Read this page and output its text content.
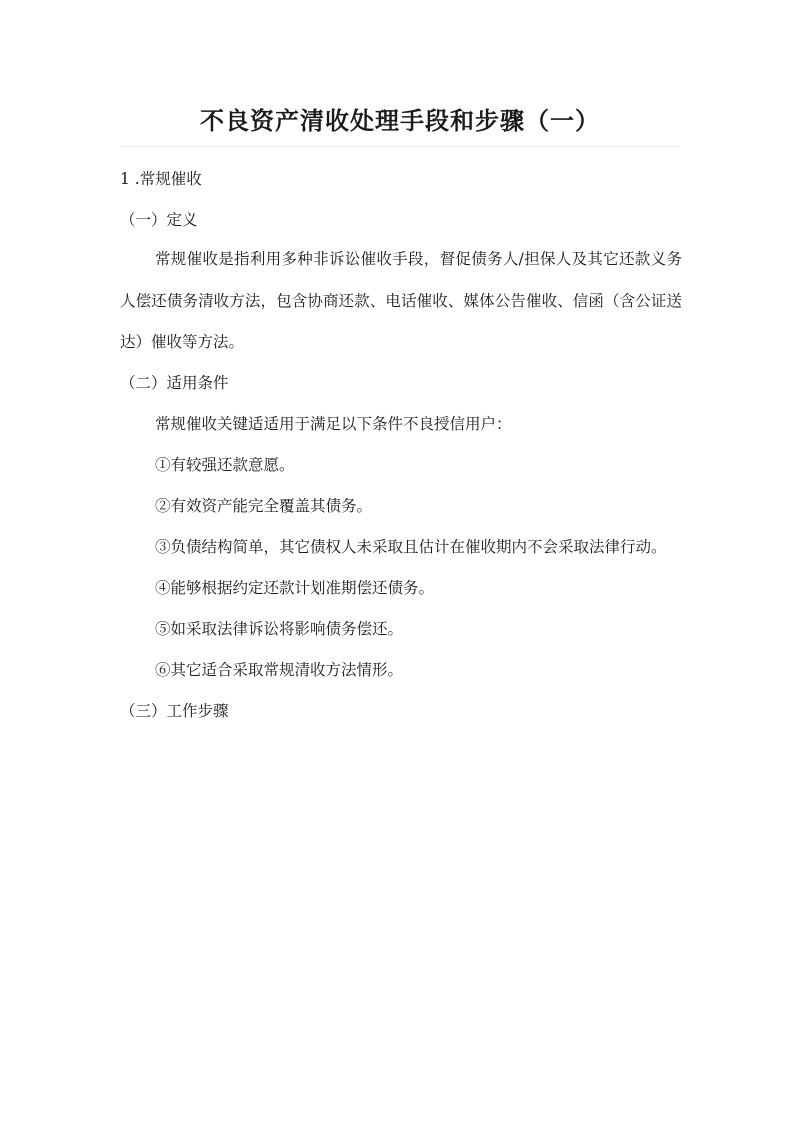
不良资产清收处理手段和步骤（一）
1 .常规催收
（一）定义
常规催收是指利用多种非诉讼催收手段，督促债务人/担保人及其它还款义务人偿还债务清收方法，包含协商还款、电话催收、媒体公告催收、信函（含公证送达）催收等方法。
（二）适用条件
常规催收关键适适用于满足以下条件不良授信用户：
①有较强还款意愿。
②有效资产能完全覆盖其债务。
③负债结构简单，其它债权人未采取且估计在催收期内不会采取法律行动。
④能够根据约定还款计划准期偿还债务。
⑤如采取法律诉讼将影响债务偿还。
⑥其它适合采取常规清收方法情形。
（三）工作步骤
